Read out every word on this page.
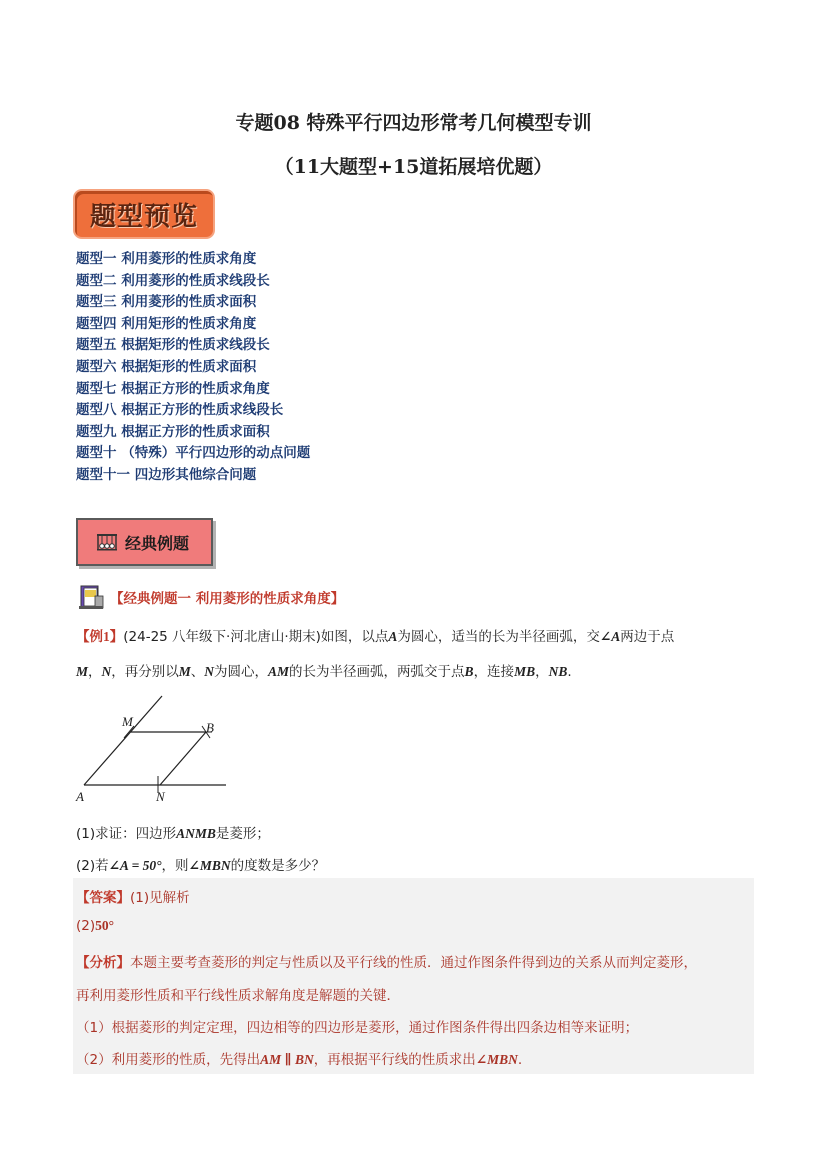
专题08 特殊平行四边形常考几何模型专训
（11大题型+15道拓展培优题）
题型预览
题型一 利用菱形的性质求角度
题型二 利用菱形的性质求线段长
题型三 利用菱形的性质求面积
题型四 利用矩形的性质求角度
题型五 根据矩形的性质求线段长
题型六 根据矩形的性质求面积
题型七 根据正方形的性质求角度
题型八 根据正方形的性质求线段长
题型九 根据正方形的性质求面积
题型十 （特殊）平行四边形的动点问题
题型十一 四边形其他综合问题
经典例题
【经典例题一 利用菱形的性质求角度】
【例1】(24-25 八年级下·河北唐山·期末)如图，以点A为圆心，适当的长为半径画弧，交∠A两边于点
M，N，再分别以M、N为圆心，AM的长为半径画弧，两弧交于点B，连接MB，NB.
A
M	B
N
(1)求证：四边形ANMB是菱形；
(2)若∠A = 50°，则∠MBN的度数是多少？
【答案】(1)见解析
(2)50°
【分析】本题主要考查菱形的判定与性质以及平行线的性质．通过作图条件得到边的关系从而判定菱形，
再利用菱形性质和平行线性质求解角度是解题的关键．
（1）根据菱形的判定定理，四边相等的四边形是菱形，通过作图条件得出四条边相等来证明；
（2）利用菱形的性质，先得出AM ∥ BN，再根据平行线的性质求出∠MBN.
